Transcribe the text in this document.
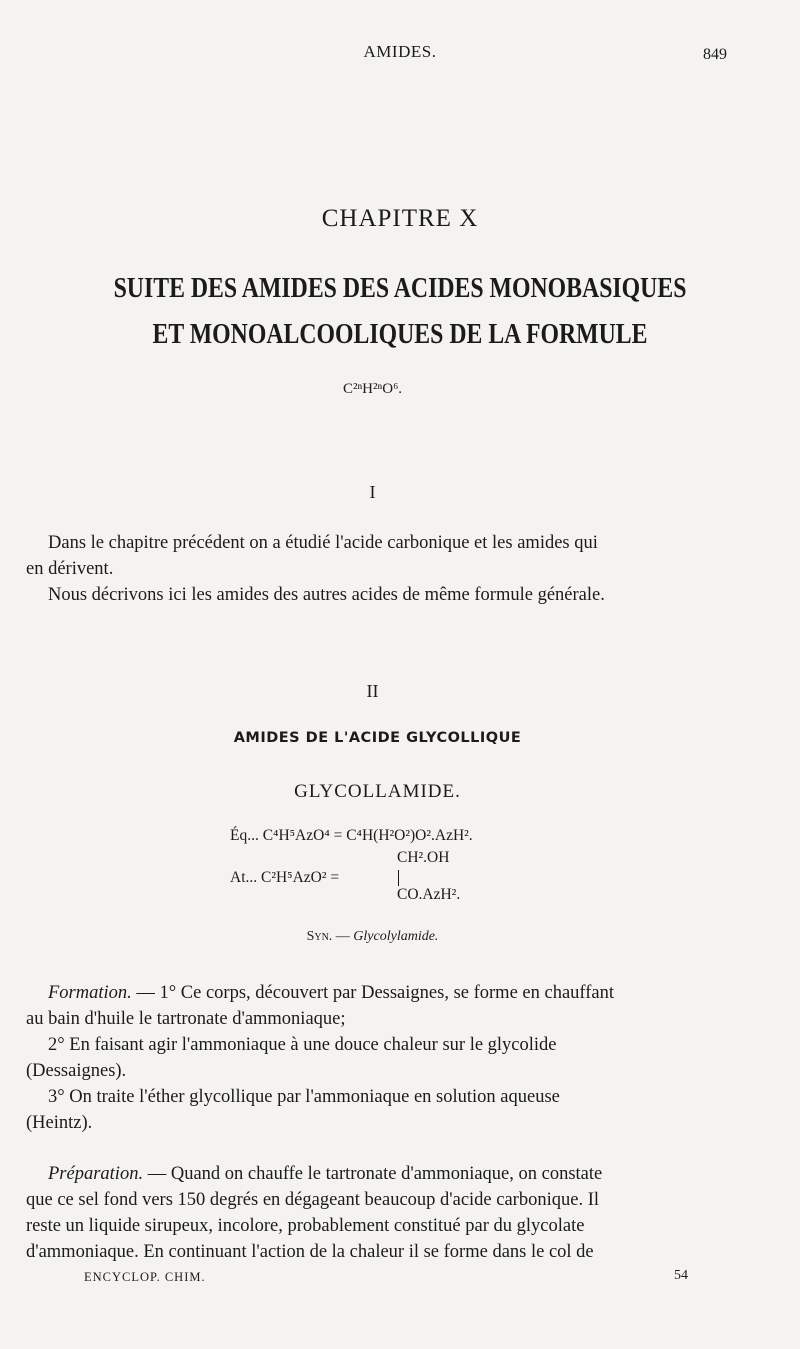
AMIDES.	849
CHAPITRE X
SUITE DES AMIDES DES ACIDES MONOBASIQUES
ET MONOALCOOLIQUES DE LA FORMULE
C²ⁿH²ⁿO⁶.
I
Dans le chapitre précédent on a étudié l'acide carbonique et les amides qui
en dérivent.
Nous décrivons ici les amides des autres acides de même formule générale.
II
AMIDES DE L'ACIDE GLYCOLLIQUE
GLYCOLLAMIDE.
Éq... C⁴H⁵AzO⁴ = C⁴H(H²O²)O².AzH².
At... C²H⁵AzO² =
CH².OH
CO.AzH².
Syn. — Glycolylamide.
Formation. — 1° Ce corps, découvert par Dessaignes, se forme en chauffant
au bain d'huile le tartronate d'ammoniaque;
2° En faisant agir l'ammoniaque à une douce chaleur sur le glycolide
(Dessaignes).
3° On traite l'éther glycollique par l'ammoniaque en solution aqueuse
(Heintz).
Préparation. — Quand on chauffe le tartronate d'ammoniaque, on constate
que ce sel fond vers 150 degrés en dégageant beaucoup d'acide carbonique. Il
reste un liquide sirupeux, incolore, probablement constitué par du glycolate
d'ammoniaque. En continuant l'action de la chaleur il se forme dans le col de
ENCYCLOP. CHIM.	54
